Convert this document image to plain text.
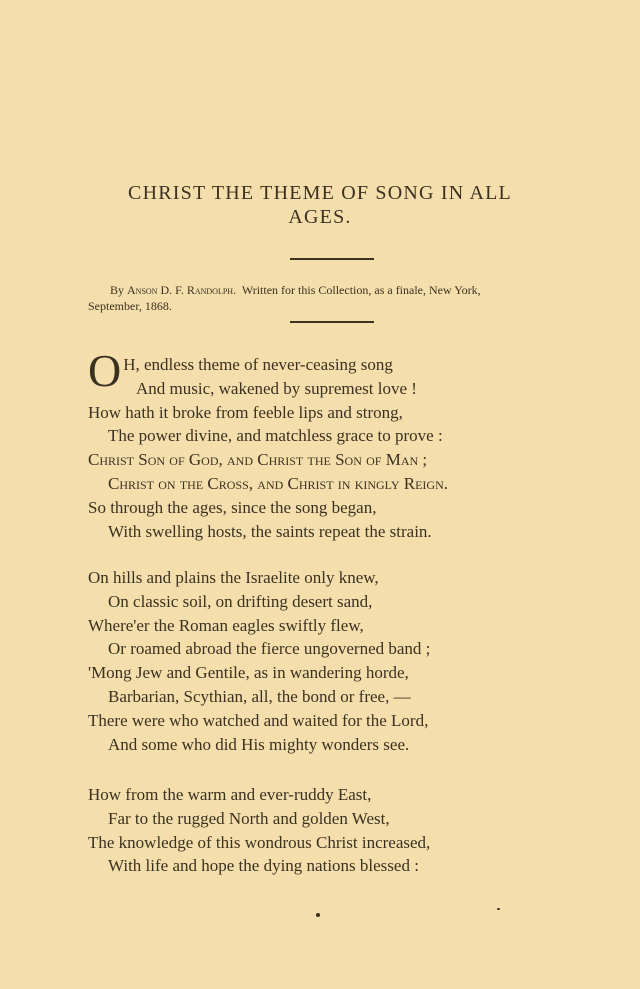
CHRIST THE THEME OF SONG IN ALL
AGES.
By Anson D. F. Randolph. Written for this Collection, as a finale, New York,
September, 1868.
O H, endless theme of never-ceasing song
And music, wakened by supremest love !
How hath it broke from feeble lips and strong,
The power divine, and matchless grace to prove :
Christ Son of God, and Christ the Son of Man ;
Christ on the Cross, and Christ in kingly Reign.
So through the ages, since the song began,
With swelling hosts, the saints repeat the strain.
On hills and plains the Israelite only knew,
On classic soil, on drifting desert sand,
Where'er the Roman eagles swiftly flew,
Or roamed abroad the fierce ungoverned band ;
'Mong Jew and Gentile, as in wandering horde,
Barbarian, Scythian, all, the bond or free, —
There were who watched and waited for the Lord,
And some who did His mighty wonders see.
How from the warm and ever-ruddy East,
Far to the rugged North and golden West,
The knowledge of this wondrous Christ increased,
With life and hope the dying nations blessed :
